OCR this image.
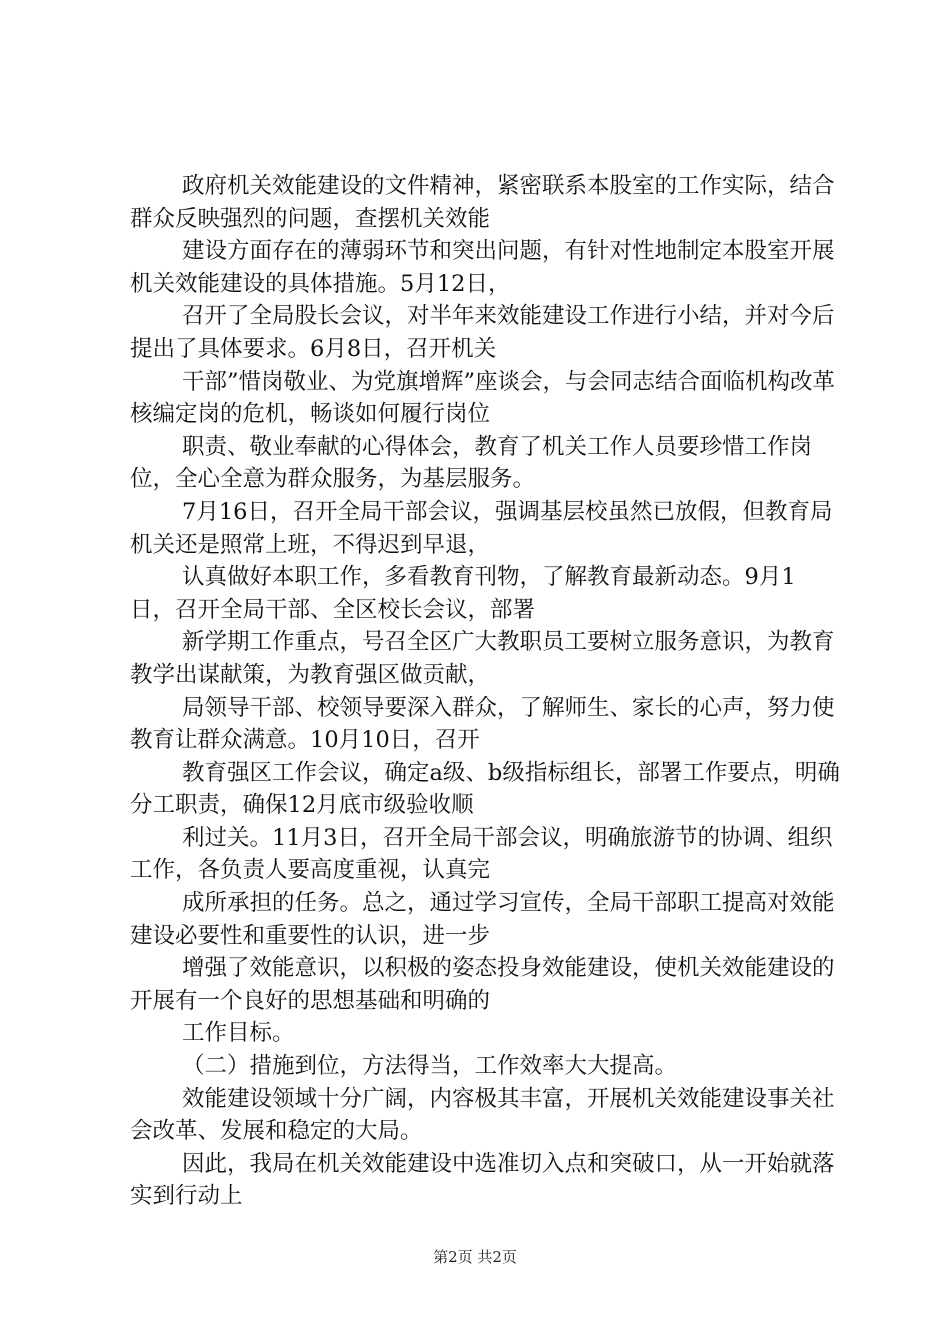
政府机关效能建设的文件精神，紧密联系本股室的工作实际，结合群众反映强烈的问题，查摆机关效能

建设方面存在的薄弱环节和突出问题，有针对性地制定本股室开展机关效能建设的具体措施。5月12日，

召开了全局股长会议，对半年来效能建设工作进行小结，并对今后提出了具体要求。6月8日，召开机关

干部”惜岗敬业、为党旗增辉”座谈会，与会同志结合面临机构改革核编定岗的危机，畅谈如何履行岗位

职责、敬业奉献的心得体会，教育了机关工作人员要珍惜工作岗位，全心全意为群众服务，为基层服务。

7月16日，召开全局干部会议，强调基层校虽然已放假，但教育局机关还是照常上班，不得迟到早退，

认真做好本职工作，多看教育刊物，了解教育最新动态。9月1日，召开全局干部、全区校长会议，部署

新学期工作重点，号召全区广大教职员工要树立服务意识，为教育教学出谋献策，为教育强区做贡献，

局领导干部、校领导要深入群众，了解师生、家长的心声，努力使教育让群众满意。10月10日，召开

教育强区工作会议，确定a级、b级指标组长，部署工作要点，明确分工职责，确保12月底市级验收顺

利过关。11月3日，召开全局干部会议，明确旅游节的协调、组织工作，各负责人要高度重视，认真完

成所承担的任务。总之，通过学习宣传，全局干部职工提高对效能建设必要性和重要性的认识，进一步

增强了效能意识，以积极的姿态投身效能建设，使机关效能建设的开展有一个良好的思想基础和明确的

工作目标。

（二）措施到位，方法得当，工作效率大大提高。

效能建设领域十分广阔，内容极其丰富，开展机关效能建设事关社会改革、发展和稳定的大局。

因此，我局在机关效能建设中选准切入点和突破口，从一开始就落实到行动上

第2页 共2页
